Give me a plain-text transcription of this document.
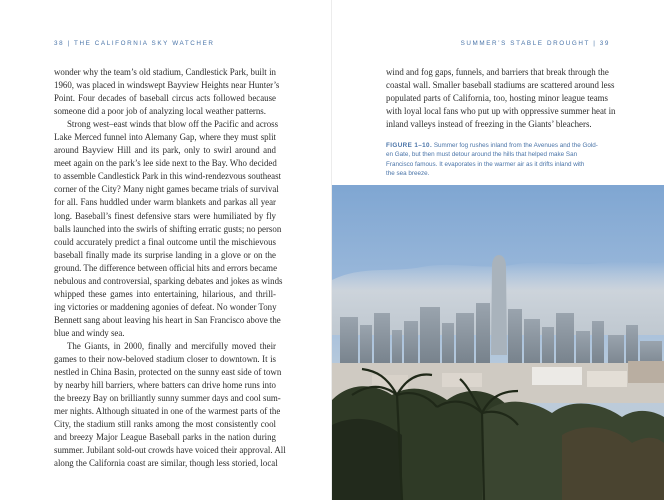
38 | THE CALIFORNIA SKY WATCHER
wonder why the team’s old stadium, Candlestick Park, built in
1960, was placed in windswept Bayview Heights near Hunter’s
Point. Four decades of baseball circus acts followed because
someone did a poor job of analyzing local weather patterns.
Strong west–east winds that blow off the Pacific and across
Lake Merced funnel into Alemany Gap, where they must split
around Bayview Hill and its park, only to swirl around and
meet again on the park’s lee side next to the Bay. Who decided
to assemble Candlestick Park in this wind-rendezvous southeast
corner of the City? Many night games became trials of survival
for all. Fans huddled under warm blankets and parkas all year
long. Baseball’s finest defensive stars were humiliated by fly
balls launched into the swirls of shifting erratic gusts; no person
could accurately predict a final outcome until the mischievous
baseball finally made its surprise landing in a glove or on the
ground. The difference between official hits and errors became
nebulous and controversial, sparking debates and jokes as winds
whipped these games into entertaining, hilarious, and thrill-
ing victories or maddening agonies of defeat. No wonder Tony
Bennett sang about leaving his heart in San Francisco above the
blue and windy sea.
The Giants, in 2000, finally and mercifully moved their
games to their now-beloved stadium closer to downtown. It is
nestled in China Basin, protected on the sunny east side of town
by nearby hill barriers, where batters can drive home runs into
the breezy Bay on brilliantly sunny summer days and cool sum-
mer nights. Although situated in one of the warmest parts of the
City, the stadium still ranks among the most consistently cool
and breezy Major League Baseball parks in the nation during
summer. Jubilant sold-out crowds have voiced their approval. All
along the California coast are similar, though less storied, local
SUMMER’S STABLE DROUGHT | 39
wind and fog gaps, funnels, and barriers that break through the
coastal wall. Smaller baseball stadiums are scattered around less
populated parts of California, too, hosting minor league teams
with loyal local fans who put up with oppressive summer heat in
inland valleys instead of freezing in the Giants’ bleachers.
FIGURE 1–10. Summer fog rushes inland from the Avenues and the Gold-
en Gate, but then must detour around the hills that helped make San
Francisco famous. It evaporates in the warmer air as it drifts inland with
the sea breeze.
